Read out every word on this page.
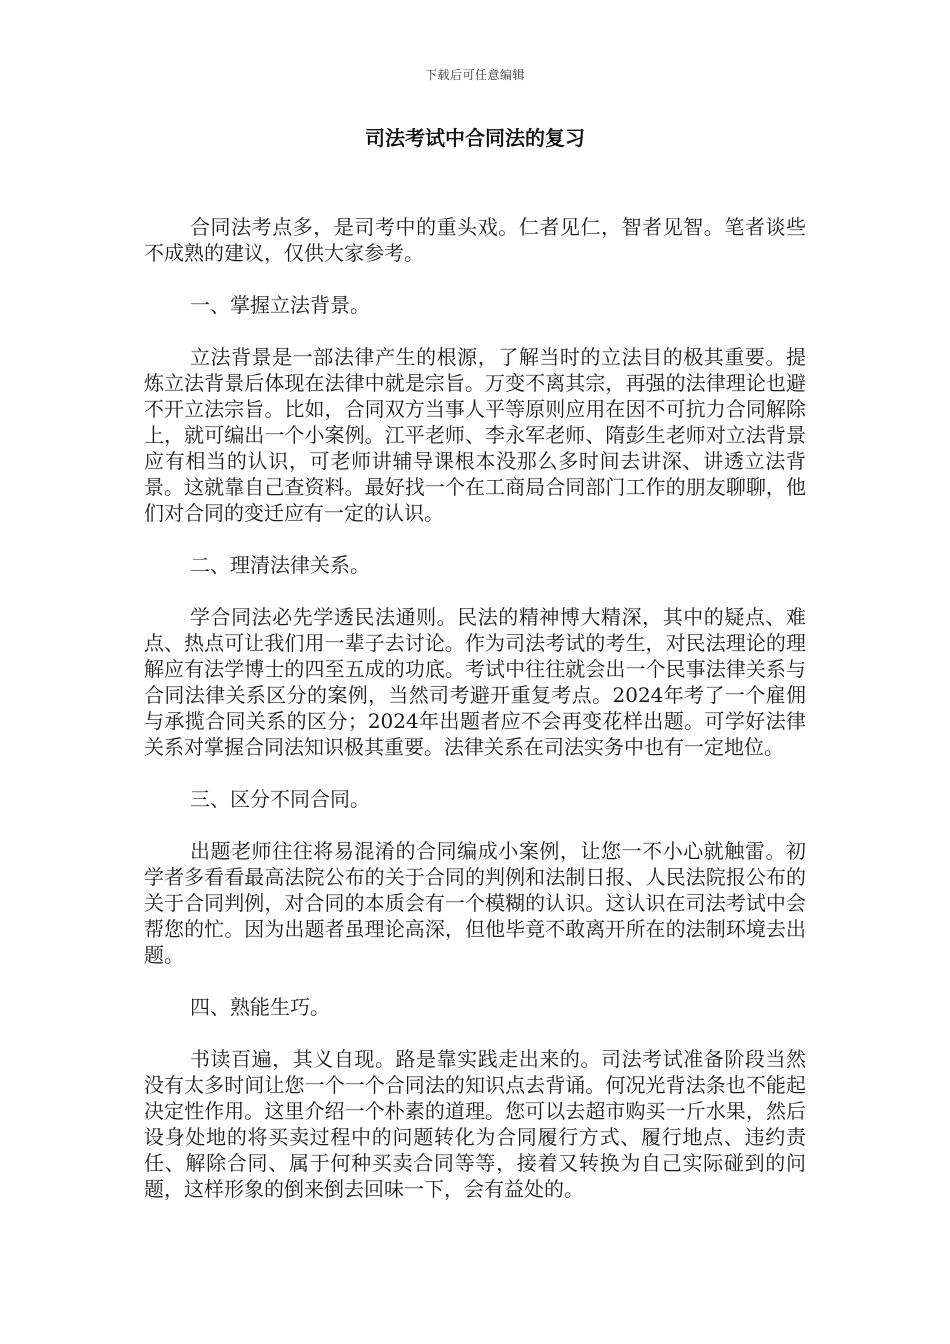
下载后可任意编辑
司法考试中合同法的复习

合同法考点多，是司考中的重头戏。仁者见仁，智者见智。笔者谈些不成熟的建议，仅供大家参考。

一、掌握立法背景。

立法背景是一部法律产生的根源，了解当时的立法目的极其重要。提炼立法背景后体现在法律中就是宗旨。万变不离其宗，再强的法律理论也避不开立法宗旨。比如，合同双方当事人平等原则应用在因不可抗力合同解除上，就可编出一个小案例。江平老师、李永军老师、隋彭生老师对立法背景应有相当的认识，可老师讲辅导课根本没那么多时间去讲深、讲透立法背景。这就靠自己查资料。最好找一个在工商局合同部门工作的朋友聊聊，他们对合同的变迁应有一定的认识。

二、理清法律关系。

学合同法必先学透民法通则。民法的精神博大精深，其中的疑点、难点、热点可让我们用一辈子去讨论。作为司法考试的考生，对民法理论的理解应有法学博士的四至五成的功底。考试中往往就会出一个民事法律关系与合同法律关系区分的案例，当然司考避开重复考点。2024年考了一个雇佣与承揽合同关系的区分；2024年出题者应不会再变花样出题。可学好法律关系对掌握合同法知识极其重要。法律关系在司法实务中也有一定地位。

三、区分不同合同。

出题老师往往将易混淆的合同编成小案例，让您一不小心就触雷。初学者多看看最高法院公布的关于合同的判例和法制日报、人民法院报公布的关于合同判例，对合同的本质会有一个模糊的认识。这认识在司法考试中会帮您的忙。因为出题者虽理论高深，但他毕竟不敢离开所在的法制环境去出题。

四、熟能生巧。

书读百遍，其义自现。路是靠实践走出来的。司法考试准备阶段当然没有太多时间让您一个一个合同法的知识点去背诵。何况光背法条也不能起决定性作用。这里介绍一个朴素的道理。您可以去超市购买一斤水果，然后设身处地的将买卖过程中的问题转化为合同履行方式、履行地点、违约责任、解除合同、属于何种买卖合同等等，接着又转换为自己实际碰到的问题，这样形象的倒来倒去回味一下，会有益处的。
